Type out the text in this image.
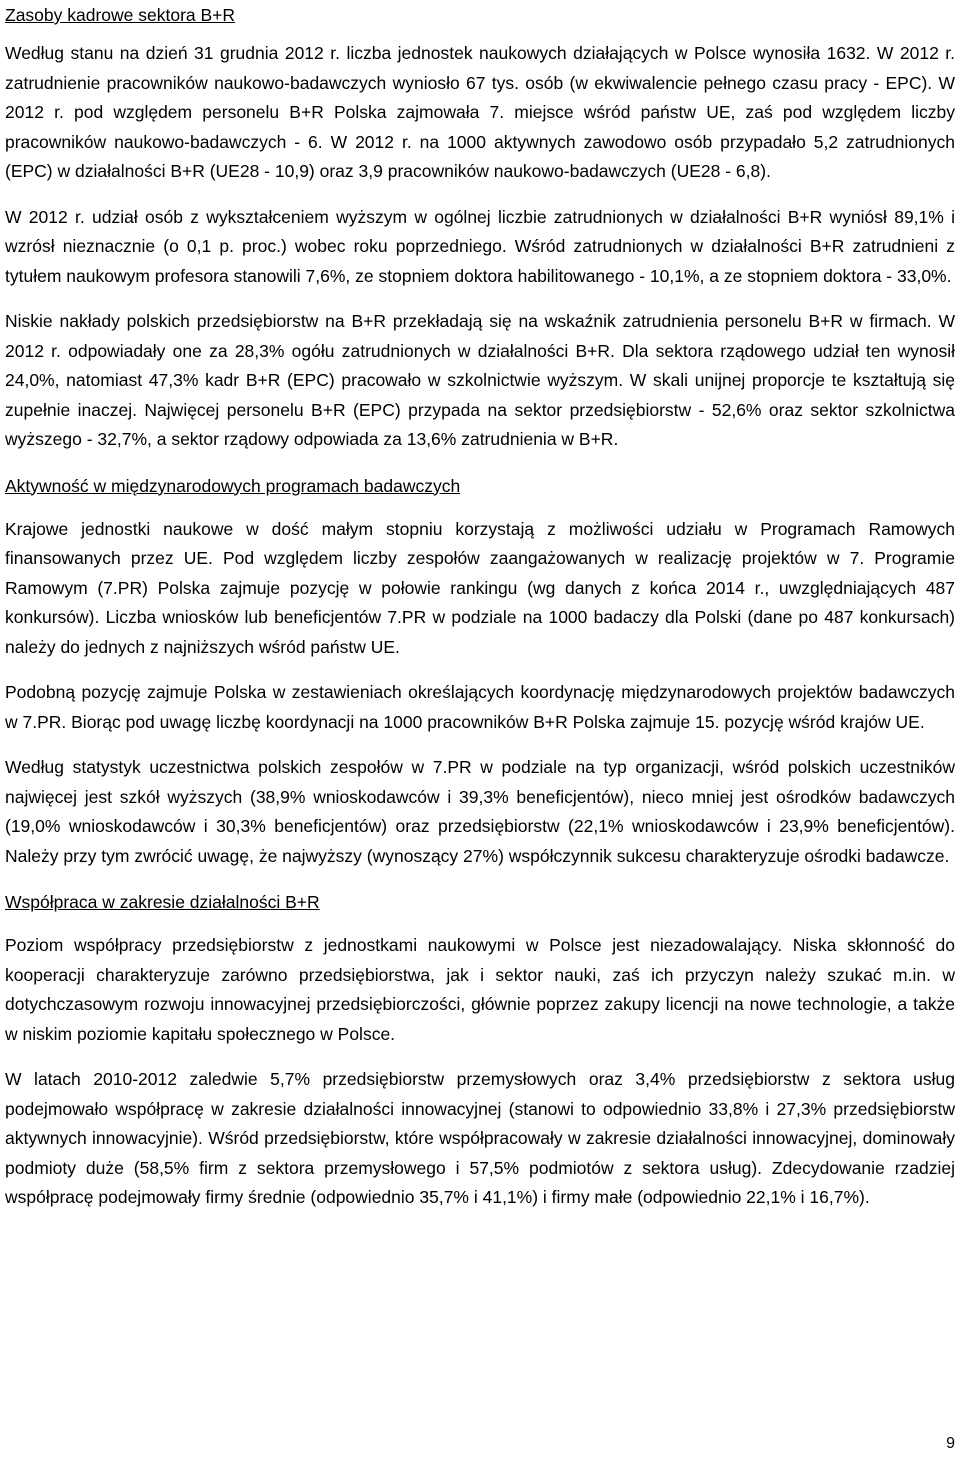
Zasoby kadrowe sektora B+R

Według stanu na dzień 31 grudnia 2012 r. liczba jednostek naukowych działających w Polsce wynosiła 1632. W 2012 r. zatrudnienie pracowników naukowo-badawczych wyniosło 67 tys. osób (w ekwiwalencie pełnego czasu pracy - EPC). W 2012 r. pod względem personelu B+R Polska zajmowała 7. miejsce wśród państw UE, zaś pod względem liczby pracowników naukowo-badawczych - 6. W 2012 r. na 1000 aktywnych zawodowo osób przypadało 5,2 zatrudnionych (EPC) w działalności B+R (UE28 - 10,9) oraz 3,9 pracowników naukowo-badawczych (UE28 - 6,8).

W 2012 r. udział osób z wykształceniem wyższym w ogólnej liczbie zatrudnionych w działalności B+R wyniósł 89,1% i wzrósł nieznacznie (o 0,1 p. proc.) wobec roku poprzedniego. Wśród zatrudnionych w działalności B+R zatrudnieni z tytułem naukowym profesora stanowili 7,6%, ze stopniem doktora habilitowanego - 10,1%, a ze stopniem doktora - 33,0%.

Niskie nakłady polskich przedsiębiorstw na B+R przekładają się na wskaźnik zatrudnienia personelu B+R w firmach. W 2012 r. odpowiadały one za 28,3% ogółu zatrudnionych w działalności B+R. Dla sektora rządowego udział ten wynosił 24,0%, natomiast 47,3% kadr B+R (EPC) pracowało w szkolnictwie wyższym. W skali unijnej proporcje te kształtują się zupełnie inaczej. Najwięcej personelu B+R (EPC) przypada na sektor przedsiębiorstw - 52,6% oraz sektor szkolnictwa wyższego - 32,7%, a sektor rządowy odpowiada za 13,6% zatrudnienia w B+R.

Aktywność w międzynarodowych programach badawczych

Krajowe jednostki naukowe w dość małym stopniu korzystają z możliwości udziału w Programach Ramowych finansowanych przez UE. Pod względem liczby zespołów zaangażowanych w realizację projektów w 7. Programie Ramowym (7.PR) Polska zajmuje pozycję w połowie rankingu (wg danych z końca 2014 r., uwzględniających 487 konkursów). Liczba wniosków lub beneficjentów 7.PR w podziale na 1000 badaczy dla Polski (dane po 487 konkursach) należy do jednych z najniższych wśród państw UE.

Podobną pozycję zajmuje Polska w zestawieniach określających koordynację międzynarodowych projektów badawczych w 7.PR. Biorąc pod uwagę liczbę koordynacji na 1000 pracowników B+R Polska zajmuje 15. pozycję wśród krajów UE.

Według statystyk uczestnictwa polskich zespołów w 7.PR w podziale na typ organizacji, wśród polskich uczestników najwięcej jest szkół wyższych (38,9% wnioskodawców i 39,3% beneficjentów), nieco mniej jest ośrodków badawczych (19,0% wnioskodawców i 30,3% beneficjentów) oraz przedsiębiorstw (22,1% wnioskodawców i 23,9% beneficjentów). Należy przy tym zwrócić uwagę, że najwyższy (wynoszący 27%) współczynnik sukcesu charakteryzuje ośrodki badawcze.

Współpraca w zakresie działalności B+R

Poziom współpracy przedsiębiorstw z jednostkami naukowymi w Polsce jest niezadowalający. Niska skłonność do kooperacji charakteryzuje zarówno przedsiębiorstwa, jak i sektor nauki, zaś ich przyczyn należy szukać m.in. w dotychczasowym rozwoju innowacyjnej przedsiębiorczości, głównie poprzez zakupy licencji na nowe technologie, a także w niskim poziomie kapitału społecznego w Polsce.

W latach 2010-2012 zaledwie 5,7% przedsiębiorstw przemysłowych oraz 3,4% przedsiębiorstw z sektora usług podejmowało współpracę w zakresie działalności innowacyjnej (stanowi to odpowiednio 33,8% i 27,3% przedsiębiorstw aktywnych innowacyjnie). Wśród przedsiębiorstw, które współpracowały w zakresie działalności innowacyjnej, dominowały podmioty duże (58,5% firm z sektora przemysłowego i 57,5% podmiotów z sektora usług). Zdecydowanie rzadziej współpracę podejmowały firmy średnie (odpowiednio 35,7% i 41,1%) i firmy małe (odpowiednio 22,1% i 16,7%).

9
